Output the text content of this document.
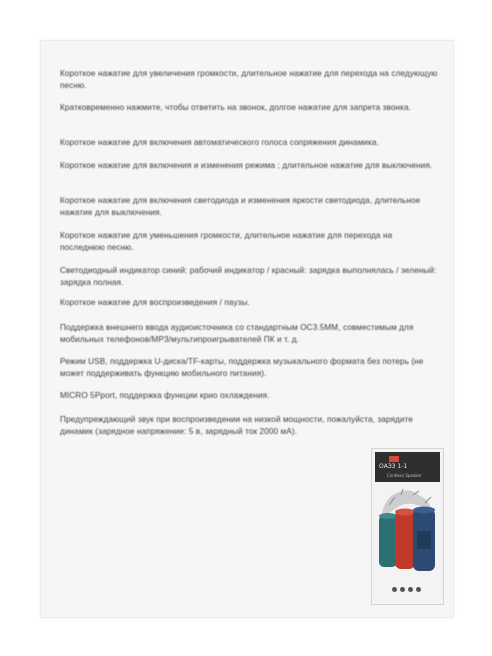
Короткое нажатие для увеличения громкости, длительное нажатие для перехода на следующую песню.
Кратковременно нажмите, чтобы ответить на звонок, долгое нажатие для запрета звонка.
Короткое нажатие для включения автоматического голоса сопряжения динамика.
Короткое нажатие для включения и изменения режима ; длительное нажатие для выключения.
Короткое нажатие для включения светодиода и изменения яркости светодиода, длительное нажатие для выключения.
Короткое нажатие для уменьшения громкости, длительное нажатие для перехода на последнюю песню.
Светодиодный индикатор синий: рабочий индикатор / красный: зарядка выполнялась / зеленый: зарядка полная.
Короткое нажатие для воспроизведения / паузы.
Поддержка внешнего ввода аудиоисточника со стандартным ОС3.5ММ, совместимым для мобильных телефонов/MP3/мультипроигрывателей ПК и т. д.
Режим USB, поддержка U-диска/TF-карты, поддержка музыкального формата без потерь (не может поддерживать функцию мобильного питания).
MICRO 5Pport, поддержка функции крио охлаждения.
Предупреждающий звук при воспроизведении на низкой мощности, пожалуйста, зарядите динамик (зарядное напряжение: 5 в, зарядный ток 2000 мА).
ОАЗЗ 1-1
Cordless Speaker
